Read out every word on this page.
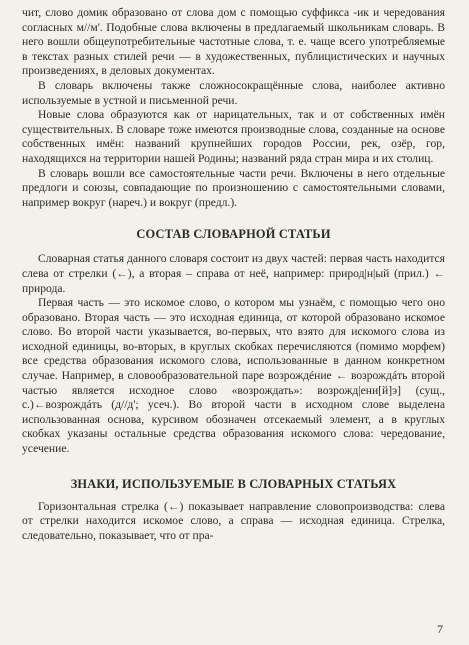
чит, слово домик образовано от слова дом с помощью суффикса -ик и чередования согласных м//м'. Подобные слова включены в предлагаемый школьникам словарь. В него вошли общеупотребительные частотные слова, т. е. чаще всего употребляемые в текстах разных стилей речи — в художественных, публицистических и научных произведениях, в деловых документах.

В словарь включены также сложносокращённые слова, наиболее активно используемые в устной и письменной речи.

Новые слова образуются как от нарицательных, так и от собственных имён существительных. В словаре тоже имеются производные слова, созданные на основе собственных имён: названий крупнейших городов России, рек, озёр, гор, находящихся на территории нашей Родины; названий ряда стран мира и их столиц.

В словарь вошли все самостоятельные части речи. Включены в него отдельные предлоги и союзы, совпадающие по произношению с самостоятельными словами, например вокруг (нареч.) и вокруг (предл.).

СОСТАВ СЛОВАРНОЙ СТАТЬИ

Словарная статья данного словаря состоит из двух частей: первая часть находится слева от стрелки (←), а вторая – справа от неё, например: природ|н|ый (прил.) ← природа.

Первая часть — это искомое слово, о котором мы узнаём, с помощью чего оно образовано. Вторая часть — это исходная единица, от которой образовано искомое слово. Во второй части указывается, во-первых, что взято для искомого слова из исходной единицы, во-вторых, в круглых скобках перечисляются (помимо морфем) все средства образования искомого слова, использованные в данном конкретном случае. Например, в словообразовательной паре возрождéние ← возрождáть второй частью является исходное слово «возрождать»: возрожд|ени[й]э] (сущ., с.)←возрождáть (д//д'; усеч.). Во второй части в исходном слове выделена использованная основа, курсивом обозначен отсекаемый элемент, а в круглых скобках указаны остальные средства образования искомого слова: чередование, усечение.

ЗНАКИ, ИСПОЛЬЗУЕМЫЕ В СЛОВАРНЫХ СТАТЬЯХ

Горизонтальная стрелка (←) показывает направление словопроизводства: слева от стрелки находится искомое слово, а справа — исходная единица. Стрелка, следовательно, показывает, что от пра-

7
